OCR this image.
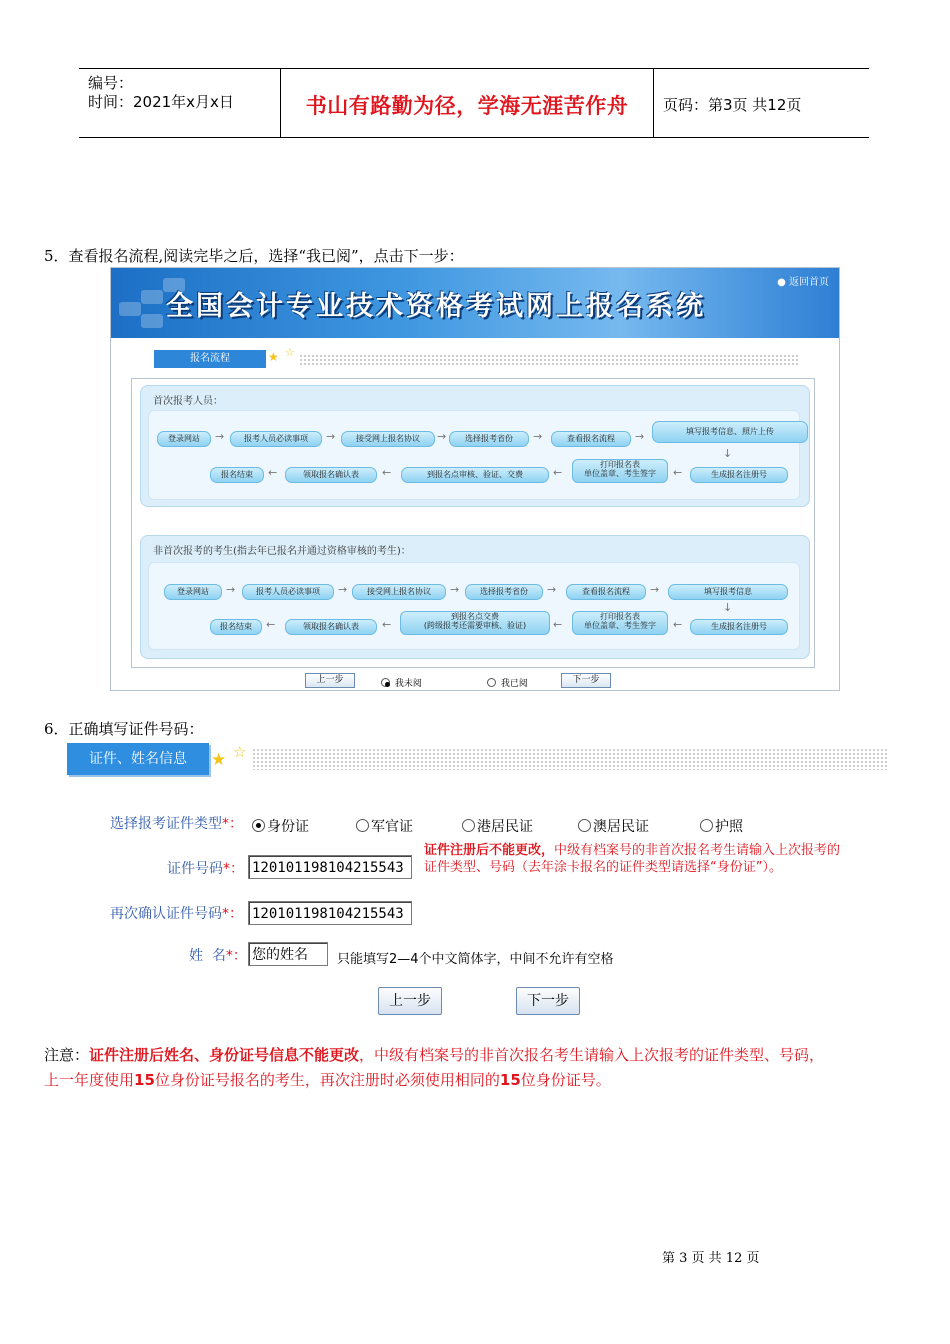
编号：
时间：2021年x月x日	书山有路勤为径，学海无涯苦作舟	页码：第3页 共12页
5．查看报名流程,阅读完毕之后，选择“我已阅”，点击下一步：
全国会计专业技术资格考试网上报名系统
● 返回首页
报名流程	★ ☆
首次报考人员：
登录网站	→	报考人员必读事项	→	接受网上报名协议	→	选择报考省份	→	查看报名流程	→	填写报考信息、照片上传
↓
报名结束	←	领取报名确认表	←	到报名点审核、验证、交费	←
打印报名表
单位盖章、考生签字	←	生成报名注册号
非首次报考的考生(指去年已报名并通过资格审核的考生)：
登录网站	→	报考人员必读事项	→	接受网上报名协议	→	选择报考省份	→	查看报名流程	→	填写报考信息
↓
报名结束	←	领取报名确认表	←
到报名点交费
(跨级报考还需要审核、验证)	←
打印报名表
单位盖章、考生签字	←	生成报名注册号
上一步	我未阅	我已阅	下一步
6．正确填写证件号码：
证件、姓名信息	★ ☆
选择报考证件类型*：	身份证	军官证	港居民证	澳居民证	护照
证件号码*： 120101198104215543
证件注册后不能更改，中级有档案号的非首次报名考生请输入上次报考的证件类型、号码（去年涂卡报名的证件类型请选择“身份证”）。
再次确认证件号码*： 120101198104215543
姓  名*： 您的姓名	只能填写2—4个中文简体字，中间不允许有空格
上一步	下一步
注意：证件注册后姓名、身份证号信息不能更改，中级有档案号的非首次报名考生请输入上次报考的证件类型、号码，
上一年度使用15位身份证号报名的考生，再次注册时必须使用相同的15位身份证号。
第 3 页 共 12 页
